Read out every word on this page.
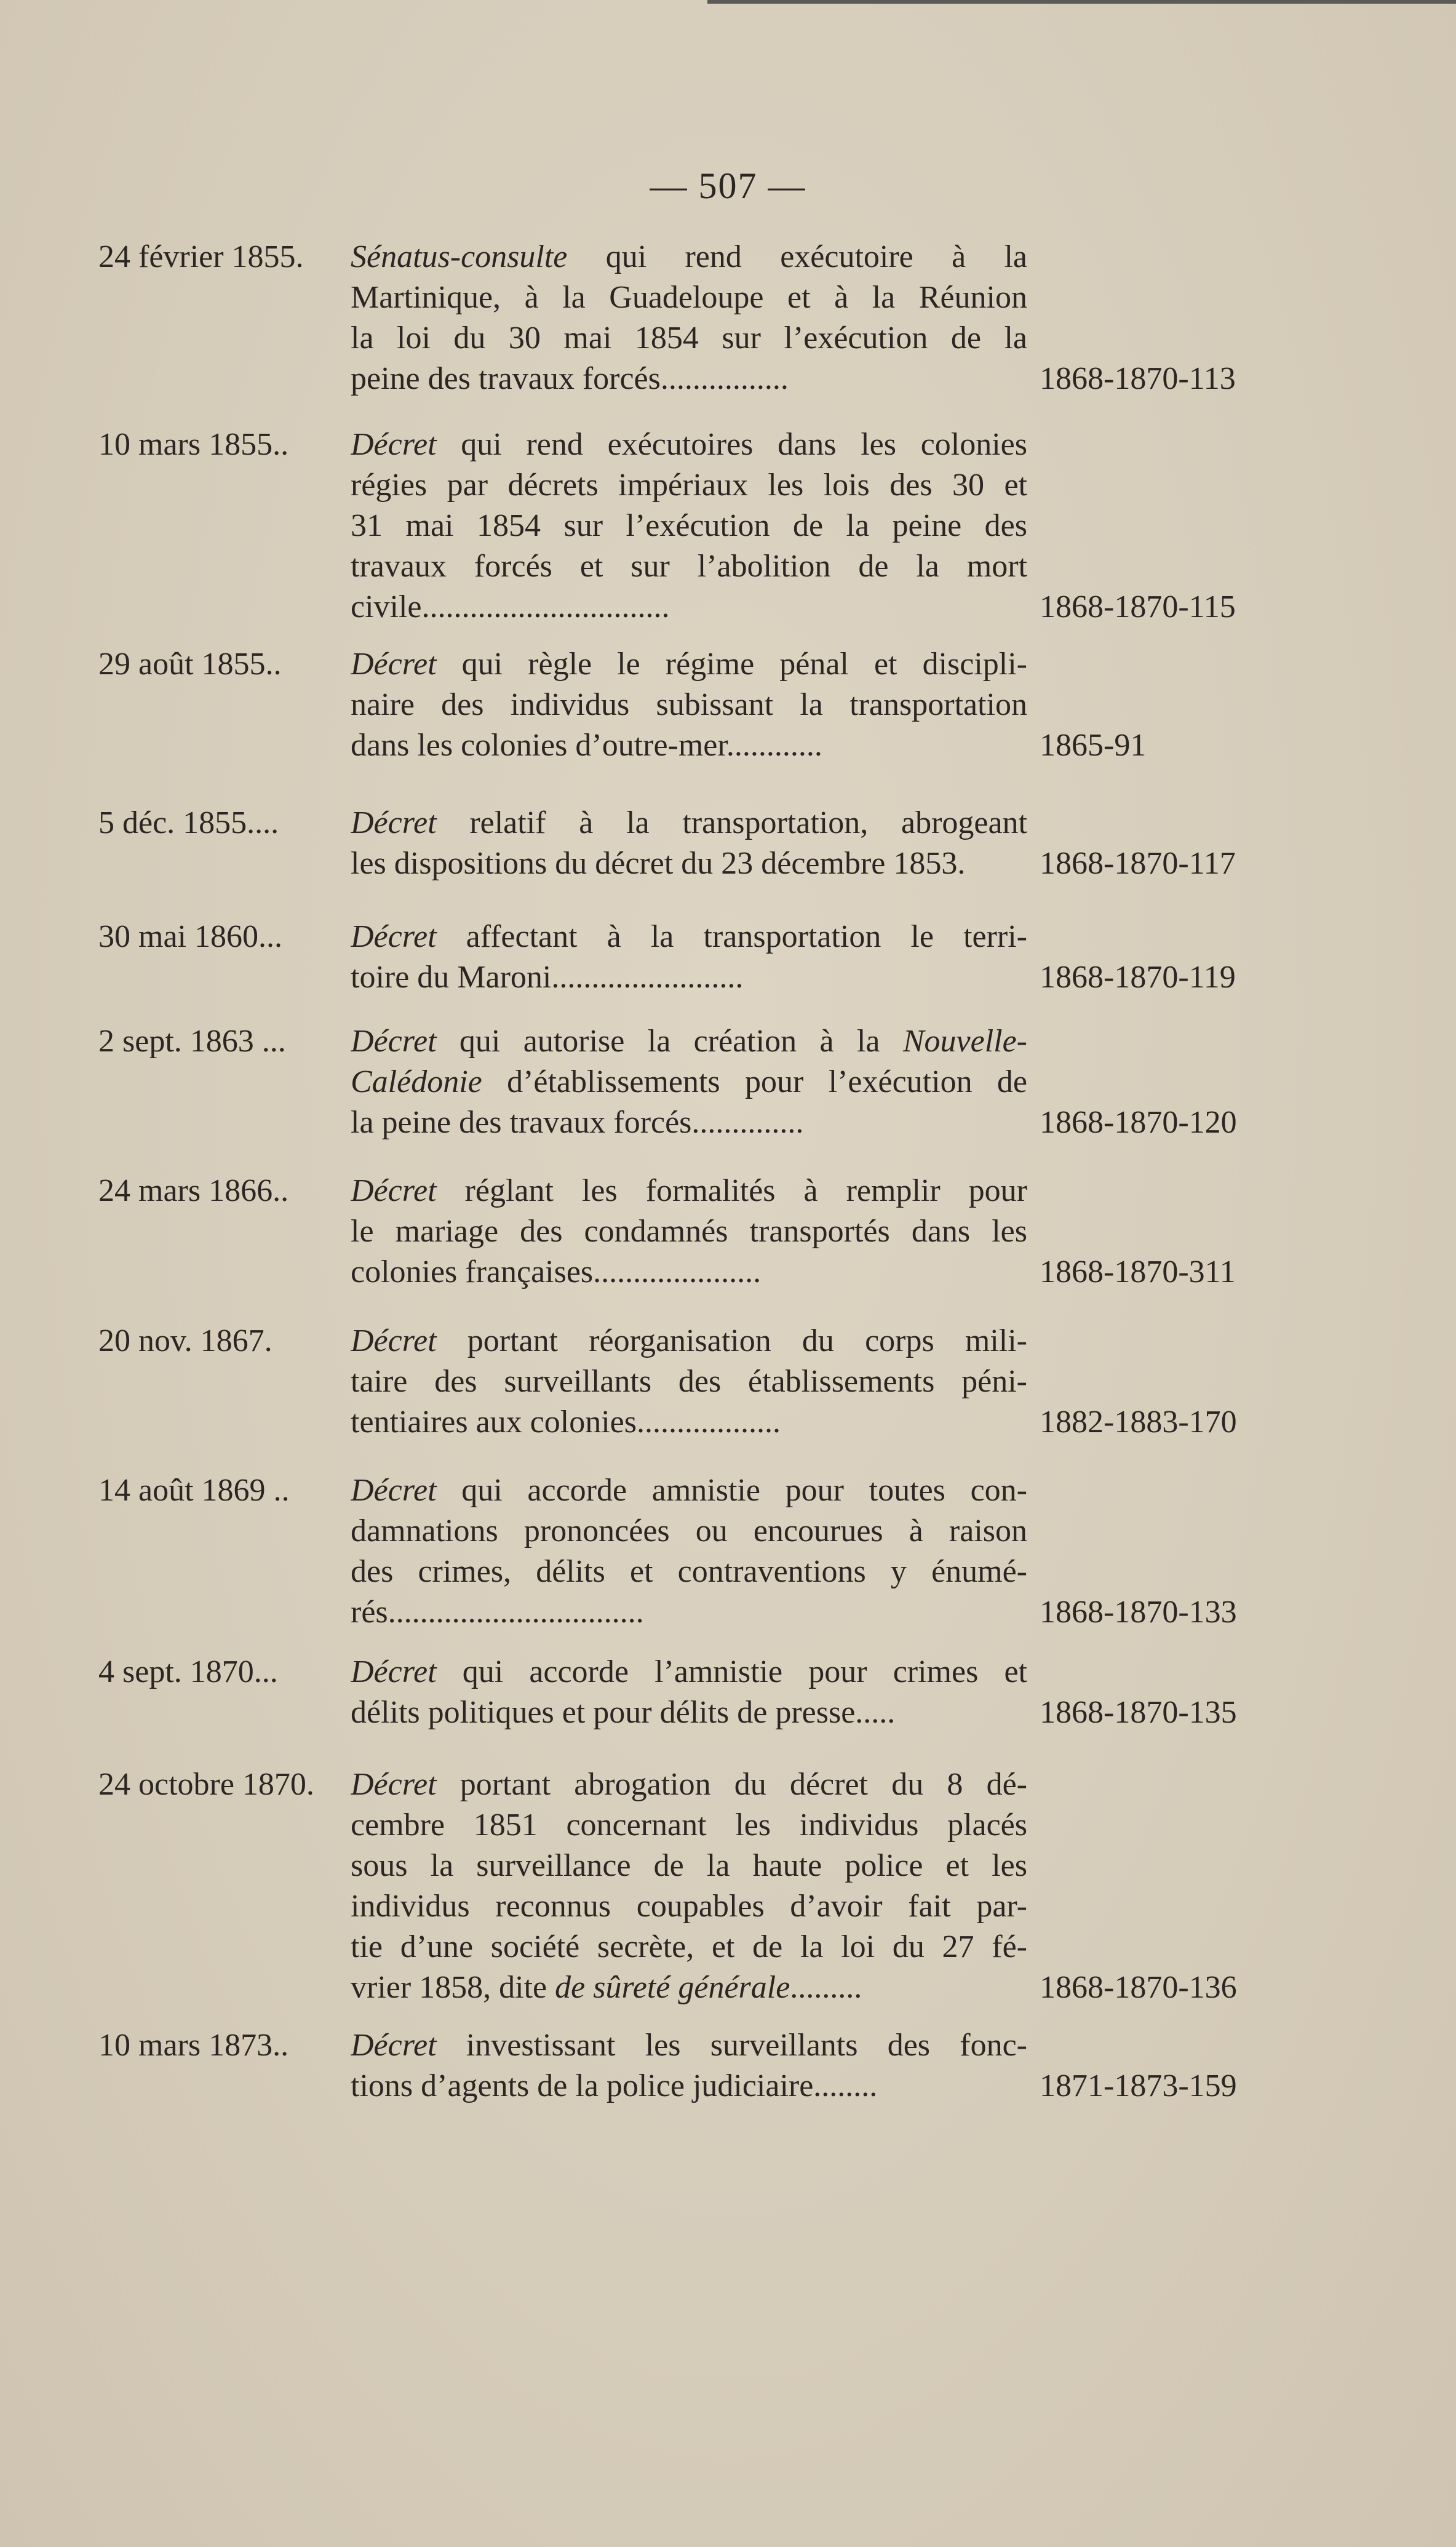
— 507 —
24 février 1855. Sénatus-consulte qui rend exécutoire à la
Martinique, à la Guadeloupe et à la Réunion
la loi du 30 mai 1854 sur l’exécution de la
peine des travaux forcés................	1868-1870-113
10 mars 1855.. Décret qui rend exécutoires dans les colonies
régies par décrets impériaux les lois des 30 et
31 mai 1854 sur l’exécution de la peine des
travaux forcés et sur l’abolition de la mort
civile...............................	1868-1870-115
29 août 1855.. Décret qui règle le régime pénal et discipli-
naire des individus subissant la transportation
dans les colonies d’outre-mer............	1865-91
5 déc. 1855.... Décret relatif à la transportation, abrogeant
les dispositions du décret du 23 décembre 1853.	1868-1870-117
30 mai 1860... Décret affectant à la transportation le terri-
toire du Maroni........................	1868-1870-119
2 sept. 1863 ... Décret qui autorise la création à la Nouvelle-
Calédonie d’établissements pour l’exécution de
la peine des travaux forcés..............	1868-1870-120
24 mars 1866.. Décret réglant les formalités à remplir pour
le mariage des condamnés transportés dans les
colonies françaises.....................	1868-1870-311
20 nov. 1867. Décret portant réorganisation du corps mili-
taire des surveillants des établissements péni-
tentiaires aux colonies..................	1882-1883-170
14 août 1869 .. Décret qui accorde amnistie pour toutes con-
damnations prononcées ou encourues à raison
des crimes, délits et contraventions y énumé-
rés................................	1868-1870-133
4 sept. 1870... Décret qui accorde l’amnistie pour crimes et
délits politiques et pour délits de presse.....	1868-1870-135
24 octobre 1870. Décret portant abrogation du décret du 8 dé-
cembre 1851 concernant les individus placés
sous la surveillance de la haute police et les
individus reconnus coupables d’avoir fait par-
tie d’une société secrète, et de la loi du 27 fé-
vrier 1858, dite de sûreté générale.........	1868-1870-136
10 mars 1873.. Décret investissant les surveillants des fonc-
tions d’agents de la police judiciaire........	1871-1873-159
